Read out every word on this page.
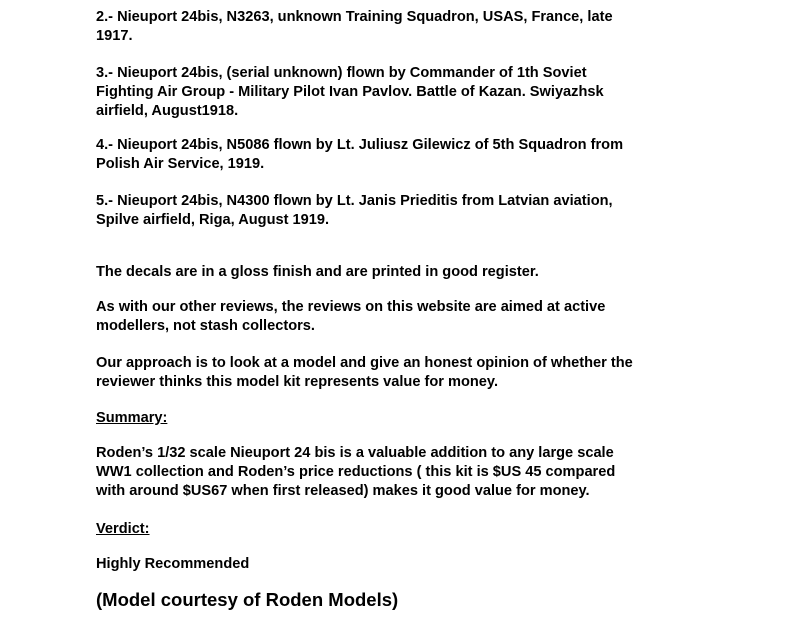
2.- Nieuport 24bis, N3263, unknown Training Squadron, USAS, France, late
1917.

3.- Nieuport 24bis, (serial unknown) flown by Commander of 1th Soviet
Fighting Air Group - Military Pilot Ivan Pavlov. Battle of Kazan. Swiyazhsk
airfield, August1918.

4.- Nieuport 24bis, N5086 flown by Lt. Juliusz Gilewicz of 5th Squadron from
Polish Air Service, 1919.

5.- Nieuport 24bis, N4300 flown by Lt. Janis Prieditis from Latvian aviation,
Spilve airfield, Riga, August 1919.

The decals are in a gloss finish and are printed in good register.

As with our other reviews, the reviews on this website are aimed at active
modellers, not stash collectors.

Our approach is to look at a model and give an honest opinion of whether the
reviewer thinks this model kit represents value for money.

Summary:

Roden’s 1/32 scale Nieuport 24 bis is a valuable addition to any large scale
WW1 collection and Roden’s price reductions ( this kit is $US 45 compared
with around $US67 when first released) makes it good value for money.

Verdict:

Highly Recommended

(Model courtesy of Roden Models)
